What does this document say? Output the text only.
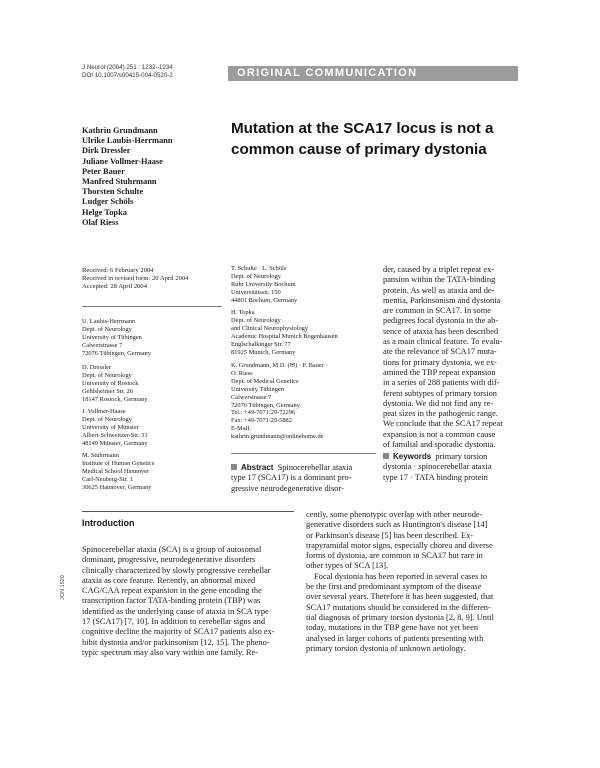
J Neurol (2004) 251 : 1232–1234
DOI 10.1007/s00415-004-0520-2	ORIGINAL COMMUNICATION
Kathrin Grundmann
Ulrike Laubis-Herrmann
Dirk Dressler
Juliane Vollmer-Haase
Peter Bauer
Manfred Stuhrmann
Thorsten Schulte
Ludger Schöls
Helge Topka
Olaf Riess
Mutation at the SCA17 locus is not a
common cause of primary dystonia
Received: 6 February 2004
Received in revised form: 20 April 2004
Accepted: 28 April 2004
U. Laubis-Herrmann
Dept. of Neurology
University of Tübingen
Calwerstrasse 7
72076 Tübingen, Germany
D. Dressler
Dept. of Neurology
University of Rostock
Gehlsheimer Str. 20
18147 Rostock, Germany
J. Vollmer-Haase
Dept. of Neurology
University of Münster
Albert-Schweitzer-Str. 33
48149 Münster, Germany
M. Stuhrmann
Institute of Human Genetics
Medical School Hannover
Carl-Neuberg-Str. 1
30625 Hannover, Germany
T. Schulte · L. Schöls
Dept. of Neurology
Ruhr University Bochum
Universitätsstr. 150
44801 Bochum, Germany
H. Topka
Dept. of Neurology
and Clinical Neurophysiology
Academic Hospital Munich Bogenhausen
Englschalkinger Str. 77
81925 Munich, Germany
K. Grundmann, M.D. (✉) · P. Bauer ·
O. Riess
Dept. of Medical Genetics
University Tübingen
Calwerstrasse 7
72076 Tübingen, Germany
Tel.: +49-7071/29-72296
Fax: +49-7071/29-5882
E-Mail:
kathrin.grundmann@onlinehome.de
Abstract Spinocerebellar ataxia
type 17 (SCA17) is a dominant pro-
gressive neurodegenerative disor-
der, caused by a triplet repeat ex-
pansion within the TATA-binding
protein. As well as ataxia and de-
mentia, Parkinsonism and dystonia
are common in SCA17. In some
pedigrees focal dystonia in the ab-
sence of ataxia has been described
as a main clinical feature. To evalu-
ate the relevance of SCA17 muta-
tions for primary dystonia, we ex-
amined the TBP repeat expansion
in a series of 288 patients with dif-
ferent subtypes of primary torsion
dystonia. We did not find any re-
peat sizes in the pathogenic range.
We conclude that the SCA17 repeat
expansion is not a common cause
of familial and sporadic dystonia.
Keywords primary torsion
dystonia · spinocerebellar ataxia
type 17 · TATA binding protein
Introduction
Spinocerebellar ataxia (SCA) is a group of autosomal
dominant, progressive, neurodegenerative disorders
clinically characterized by slowly progressive cerebellar
ataxia as core feature. Recently, an abnormal mixed
CAG/CAA repeat expansion in the gene encoding the
transcription factor TATA-binding protein (TBP) was
identified as the underlying cause of ataxia in SCA type
17 (SCA17) [7, 10]. In addition to cerebellar signs and
cognitive decline the majority of SCA17 patients also ex-
hibit dystonia and/or parkinsonism [12, 15]. The pheno-
typic spectrum may also vary within one family. Re-
cently, some phenotypic overlap with other neurode-
generative disorders such as Huntington's disease [14]
or Parkinson's disease [5] has been described. Ex-
trapyramidal motor signs, especially chorea and diverse
forms of dystonia, are common in SCA17 but rare in
other types of SCA [13].
Focal dystonia has been reported in several cases to
be the first and predominant symptom of the disease
over several years. Therefore it has been suggested, that
SCA17 mutations should be considered in the differen-
tial diagnosis of primary torsion dystonia [2, 8, 9]. Until
today, mutations in the TBP gene have not yet been
analysed in larger cohorts of patients presenting with
primary torsion dystonia of unknown aetiology.
JON 1520
